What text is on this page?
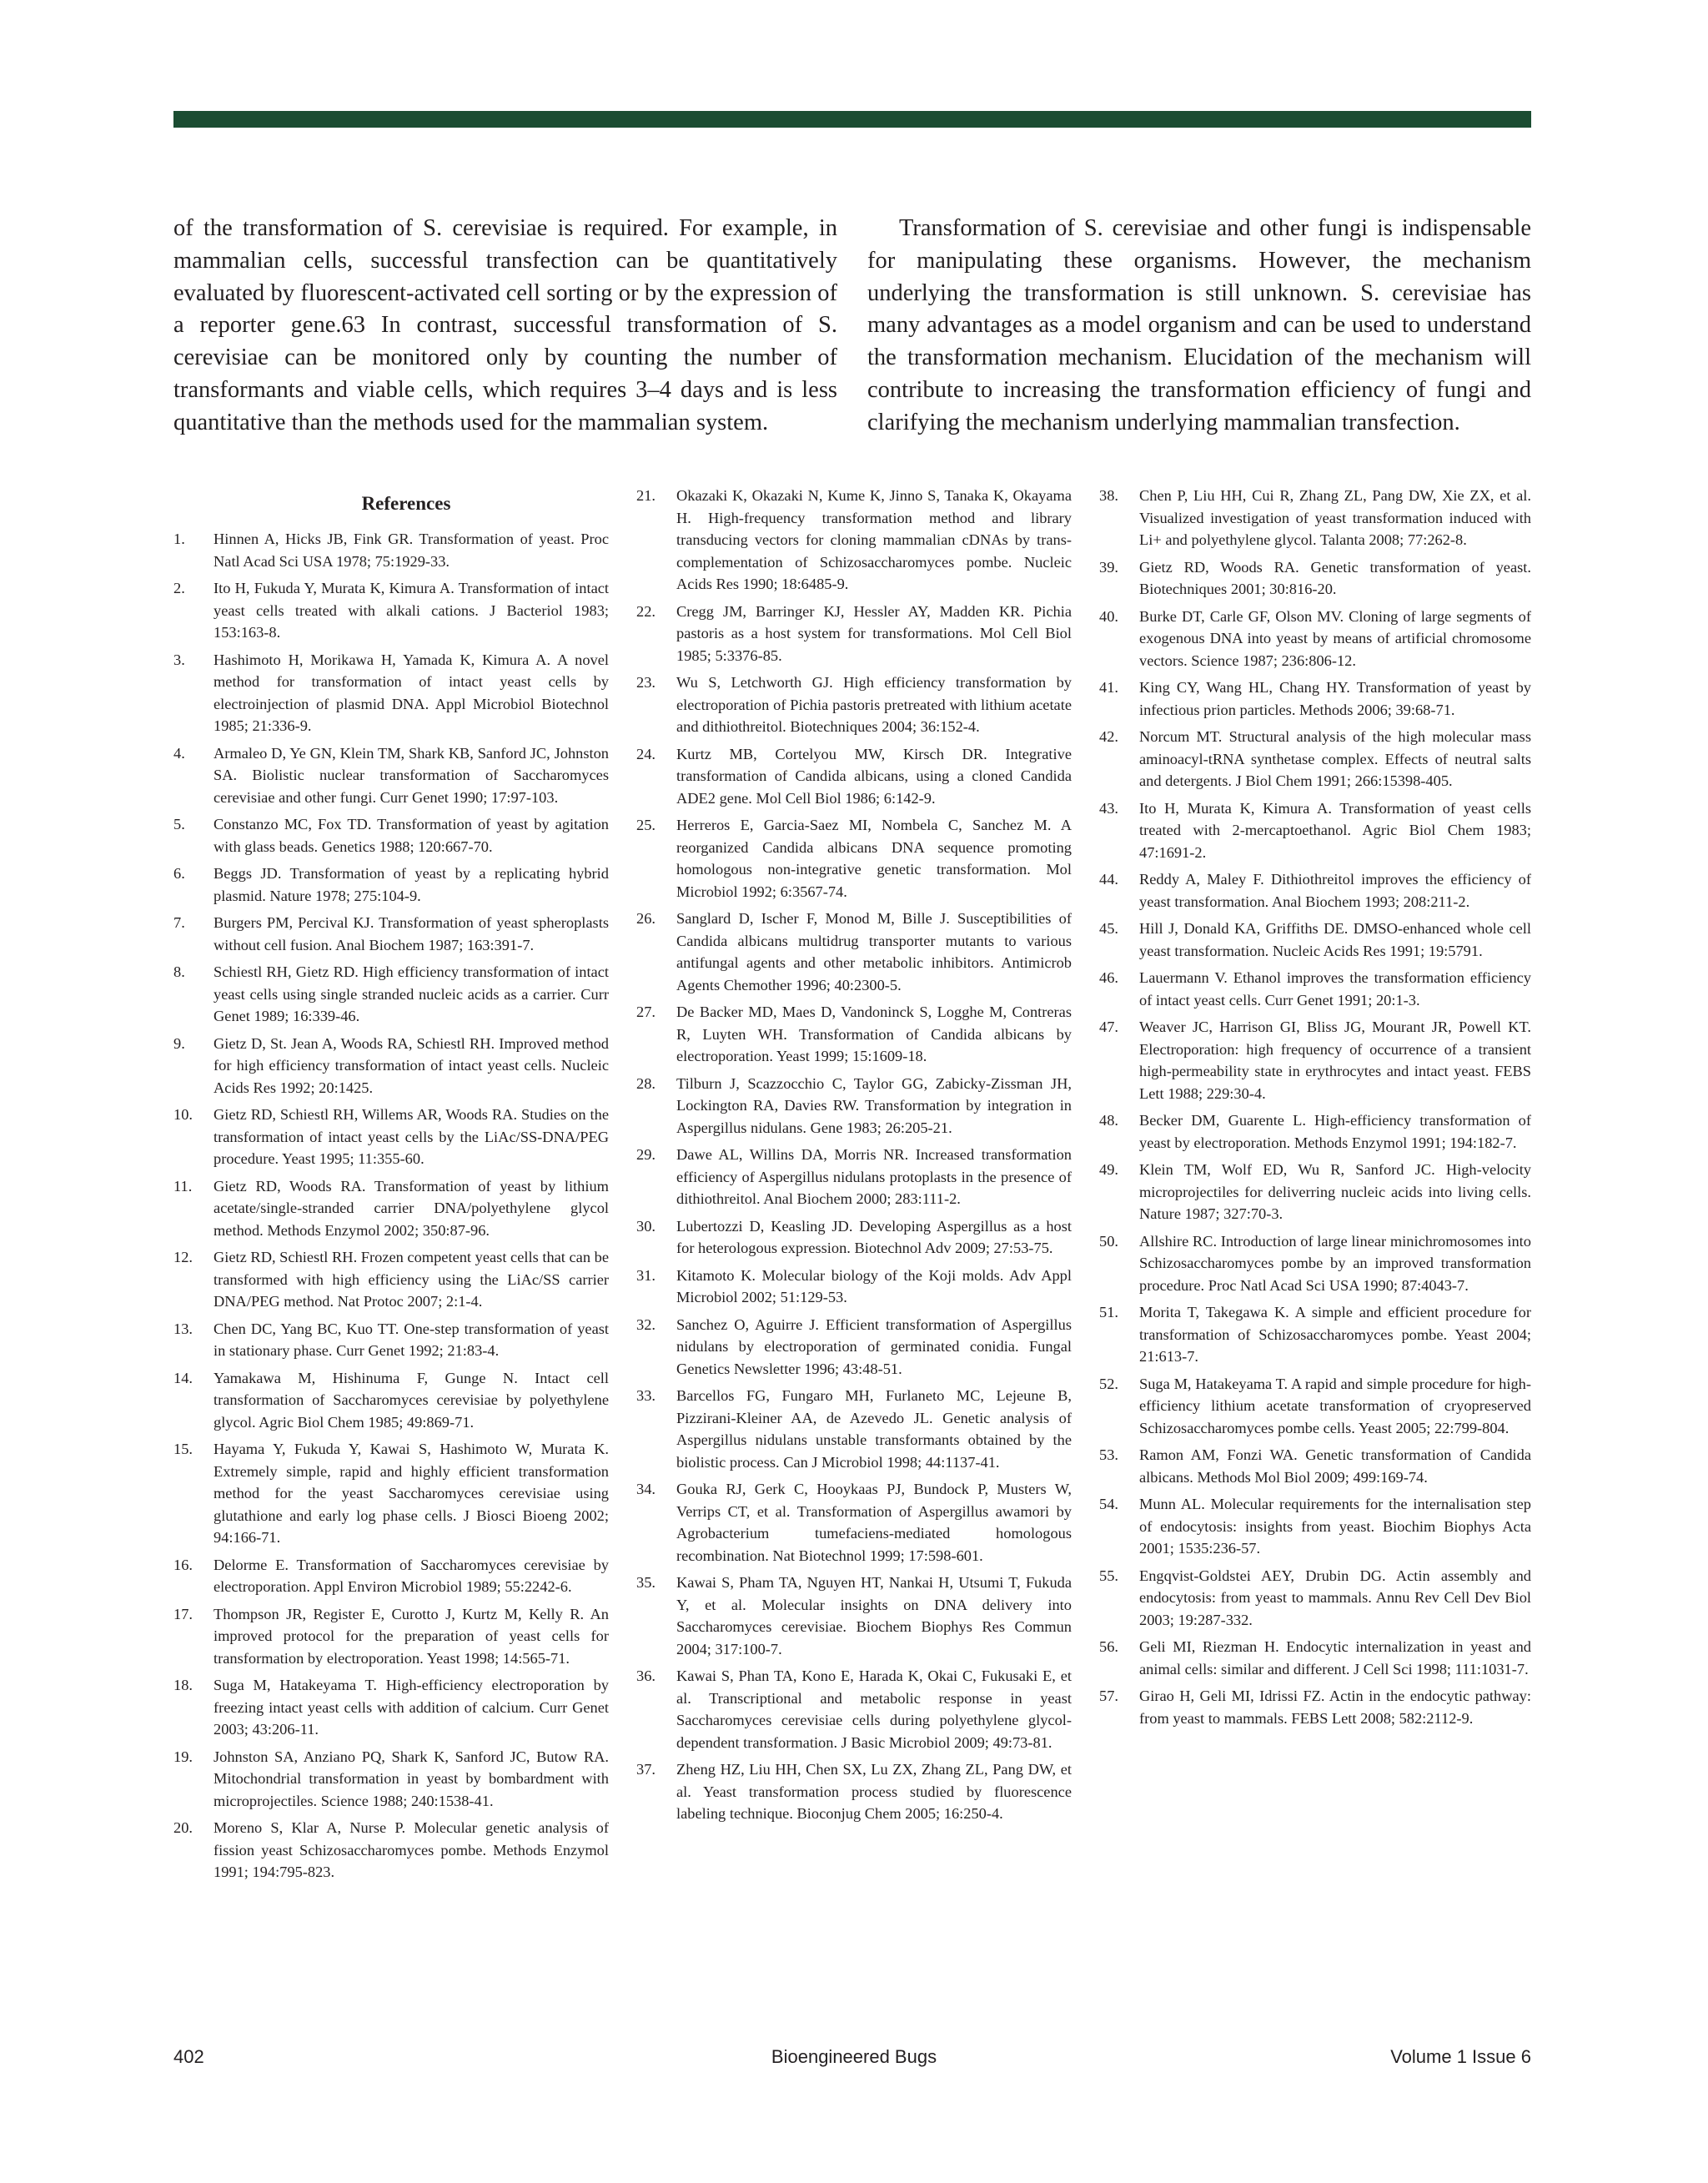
of the transformation of S. cerevisiae is required. For example, in mammalian cells, successful transfection can be quantitatively evaluated by fluorescent-activated cell sorting or by the expression of a reporter gene.63 In contrast, successful transformation of S. cerevisiae can be monitored only by counting the number of transformants and viable cells, which requires 3–4 days and is less quantitative than the methods used for the mammalian system.

Transformation of S. cerevisiae and other fungi is indispensable for manipulating these organisms. However, the mechanism underlying the transformation is still unknown. S. cerevisiae has many advantages as a model organism and can be used to understand the transformation mechanism. Elucidation of the mechanism will contribute to increasing the transformation efficiency of fungi and clarifying the mechanism underlying mammalian transfection.

References
1.	Hinnen A, Hicks JB, Fink GR. Transformation of yeast. Proc Natl Acad Sci USA 1978; 75:1929-33.
2.	Ito H, Fukuda Y, Murata K, Kimura A. Transformation of intact yeast cells treated with alkali cations. J Bacteriol 1983; 153:163-8.
3.	Hashimoto H, Morikawa H, Yamada K, Kimura A. A novel method for transformation of intact yeast cells by electroinjection of plasmid DNA. Appl Microbiol Biotechnol 1985; 21:336-9.
4.	Armaleo D, Ye GN, Klein TM, Shark KB, Sanford JC, Johnston SA. Biolistic nuclear transformation of Saccharomyces cerevisiae and other fungi. Curr Genet 1990; 17:97-103.
5.	Constanzo MC, Fox TD. Transformation of yeast by agitation with glass beads. Genetics 1988; 120:667-70.
6.	Beggs JD. Transformation of yeast by a replicating hybrid plasmid. Nature 1978; 275:104-9.
7.	Burgers PM, Percival KJ. Transformation of yeast spheroplasts without cell fusion. Anal Biochem 1987; 163:391-7.
8.	Schiestl RH, Gietz RD. High efficiency transformation of intact yeast cells using single stranded nucleic acids as a carrier. Curr Genet 1989; 16:339-46.
9.	Gietz D, St. Jean A, Woods RA, Schiestl RH. Improved method for high efficiency transformation of intact yeast cells. Nucleic Acids Res 1992; 20:1425.
10.	Gietz RD, Schiestl RH, Willems AR, Woods RA. Studies on the transformation of intact yeast cells by the LiAc/SS-DNA/PEG procedure. Yeast 1995; 11:355-60.
11.	Gietz RD, Woods RA. Transformation of yeast by lithium acetate/single-stranded carrier DNA/polyethylene glycol method. Methods Enzymol 2002; 350:87-96.
12.	Gietz RD, Schiestl RH. Frozen competent yeast cells that can be transformed with high efficiency using the LiAc/SS carrier DNA/PEG method. Nat Protoc 2007; 2:1-4.
13.	Chen DC, Yang BC, Kuo TT. One-step transformation of yeast in stationary phase. Curr Genet 1992; 21:83-4.
14.	Yamakawa M, Hishinuma F, Gunge N. Intact cell transformation of Saccharomyces cerevisiae by polyethylene glycol. Agric Biol Chem 1985; 49:869-71.
15.	Hayama Y, Fukuda Y, Kawai S, Hashimoto W, Murata K. Extremely simple, rapid and highly efficient transformation method for the yeast Saccharomyces cerevisiae using glutathione and early log phase cells. J Biosci Bioeng 2002; 94:166-71.
16.	Delorme E. Transformation of Saccharomyces cerevisiae by electroporation. Appl Environ Microbiol 1989; 55:2242-6.
17.	Thompson JR, Register E, Curotto J, Kurtz M, Kelly R. An improved protocol for the preparation of yeast cells for transformation by electroporation. Yeast 1998; 14:565-71.
18.	Suga M, Hatakeyama T. High-efficiency electroporation by freezing intact yeast cells with addition of calcium. Curr Genet 2003; 43:206-11.
19.	Johnston SA, Anziano PQ, Shark K, Sanford JC, Butow RA. Mitochondrial transformation in yeast by bombardment with microprojectiles. Science 1988; 240:1538-41.
20.	Moreno S, Klar A, Nurse P. Molecular genetic analysis of fission yeast Schizosaccharomyces pombe. Methods Enzymol 1991; 194:795-823.
21.	Okazaki K, Okazaki N, Kume K, Jinno S, Tanaka K, Okayama H. High-frequency transformation method and library transducing vectors for cloning mammalian cDNAs by trans-complementation of Schizosaccharomyces pombe. Nucleic Acids Res 1990; 18:6485-9.
22.	Cregg JM, Barringer KJ, Hessler AY, Madden KR. Pichia pastoris as a host system for transformations. Mol Cell Biol 1985; 5:3376-85.
23.	Wu S, Letchworth GJ. High efficiency transformation by electroporation of Pichia pastoris pretreated with lithium acetate and dithiothreitol. Biotechniques 2004; 36:152-4.
24.	Kurtz MB, Cortelyou MW, Kirsch DR. Integrative transformation of Candida albicans, using a cloned Candida ADE2 gene. Mol Cell Biol 1986; 6:142-9.
25.	Herreros E, Garcia-Saez MI, Nombela C, Sanchez M. A reorganized Candida albicans DNA sequence promoting homologous non-integrative genetic transformation. Mol Microbiol 1992; 6:3567-74.
26.	Sanglard D, Ischer F, Monod M, Bille J. Susceptibilities of Candida albicans multidrug transporter mutants to various antifungal agents and other metabolic inhibitors. Antimicrob Agents Chemother 1996; 40:2300-5.
27.	De Backer MD, Maes D, Vandoninck S, Logghe M, Contreras R, Luyten WH. Transformation of Candida albicans by electroporation. Yeast 1999; 15:1609-18.
28.	Tilburn J, Scazzocchio C, Taylor GG, Zabicky-Zissman JH, Lockington RA, Davies RW. Transformation by integration in Aspergillus nidulans. Gene 1983; 26:205-21.
29.	Dawe AL, Willins DA, Morris NR. Increased transformation efficiency of Aspergillus nidulans protoplasts in the presence of dithiothreitol. Anal Biochem 2000; 283:111-2.
30.	Lubertozzi D, Keasling JD. Developing Aspergillus as a host for heterologous expression. Biotechnol Adv 2009; 27:53-75.
31.	Kitamoto K. Molecular biology of the Koji molds. Adv Appl Microbiol 2002; 51:129-53.
32.	Sanchez O, Aguirre J. Efficient transformation of Aspergillus nidulans by electroporation of germinated conidia. Fungal Genetics Newsletter 1996; 43:48-51.
33.	Barcellos FG, Fungaro MH, Furlaneto MC, Lejeune B, Pizzirani-Kleiner AA, de Azevedo JL. Genetic analysis of Aspergillus nidulans unstable transformants obtained by the biolistic process. Can J Microbiol 1998; 44:1137-41.
34.	Gouka RJ, Gerk C, Hooykaas PJ, Bundock P, Musters W, Verrips CT, et al. Transformation of Aspergillus awamori by Agrobacterium tumefaciens-mediated homologous recombination. Nat Biotechnol 1999; 17:598-601.
35.	Kawai S, Pham TA, Nguyen HT, Nankai H, Utsumi T, Fukuda Y, et al. Molecular insights on DNA delivery into Saccharomyces cerevisiae. Biochem Biophys Res Commun 2004; 317:100-7.
36.	Kawai S, Phan TA, Kono E, Harada K, Okai C, Fukusaki E, et al. Transcriptional and metabolic response in yeast Saccharomyces cerevisiae cells during polyethylene glycol-dependent transformation. J Basic Microbiol 2009; 49:73-81.
37.	Zheng HZ, Liu HH, Chen SX, Lu ZX, Zhang ZL, Pang DW, et al. Yeast transformation process studied by fluorescence labeling technique. Bioconjug Chem 2005; 16:250-4.
38.	Chen P, Liu HH, Cui R, Zhang ZL, Pang DW, Xie ZX, et al. Visualized investigation of yeast transformation induced with Li+ and polyethylene glycol. Talanta 2008; 77:262-8.
39.	Gietz RD, Woods RA. Genetic transformation of yeast. Biotechniques 2001; 30:816-20.
40.	Burke DT, Carle GF, Olson MV. Cloning of large segments of exogenous DNA into yeast by means of artificial chromosome vectors. Science 1987; 236:806-12.
41.	King CY, Wang HL, Chang HY. Transformation of yeast by infectious prion particles. Methods 2006; 39:68-71.
42.	Norcum MT. Structural analysis of the high molecular mass aminoacyl-tRNA synthetase complex. Effects of neutral salts and detergents. J Biol Chem 1991; 266:15398-405.
43.	Ito H, Murata K, Kimura A. Transformation of yeast cells treated with 2-mercaptoethanol. Agric Biol Chem 1983; 47:1691-2.
44.	Reddy A, Maley F. Dithiothreitol improves the efficiency of yeast transformation. Anal Biochem 1993; 208:211-2.
45.	Hill J, Donald KA, Griffiths DE. DMSO-enhanced whole cell yeast transformation. Nucleic Acids Res 1991; 19:5791.
46.	Lauermann V. Ethanol improves the transformation efficiency of intact yeast cells. Curr Genet 1991; 20:1-3.
47.	Weaver JC, Harrison GI, Bliss JG, Mourant JR, Powell KT. Electroporation: high frequency of occurrence of a transient high-permeability state in erythrocytes and intact yeast. FEBS Lett 1988; 229:30-4.
48.	Becker DM, Guarente L. High-efficiency transformation of yeast by electroporation. Methods Enzymol 1991; 194:182-7.
49.	Klein TM, Wolf ED, Wu R, Sanford JC. High-velocity microprojectiles for deliverring nucleic acids into living cells. Nature 1987; 327:70-3.
50.	Allshire RC. Introduction of large linear minichromosomes into Schizosaccharomyces pombe by an improved transformation procedure. Proc Natl Acad Sci USA 1990; 87:4043-7.
51.	Morita T, Takegawa K. A simple and efficient procedure for transformation of Schizosaccharomyces pombe. Yeast 2004; 21:613-7.
52.	Suga M, Hatakeyama T. A rapid and simple procedure for high-efficiency lithium acetate transformation of cryopreserved Schizosaccharomyces pombe cells. Yeast 2005; 22:799-804.
53.	Ramon AM, Fonzi WA. Genetic transformation of Candida albicans. Methods Mol Biol 2009; 499:169-74.
54.	Munn AL. Molecular requirements for the internalisation step of endocytosis: insights from yeast. Biochim Biophys Acta 2001; 1535:236-57.
55.	Engqvist-Goldstei AEY, Drubin DG. Actin assembly and endocytosis: from yeast to mammals. Annu Rev Cell Dev Biol 2003; 19:287-332.
56.	Geli MI, Riezman H. Endocytic internalization in yeast and animal cells: similar and different. J Cell Sci 1998; 111:1031-7.
57.	Girao H, Geli MI, Idrissi FZ. Actin in the endocytic pathway: from yeast to mammals. FEBS Lett 2008; 582:2112-9.
402	Bioengineered Bugs	Volume 1 Issue 6
